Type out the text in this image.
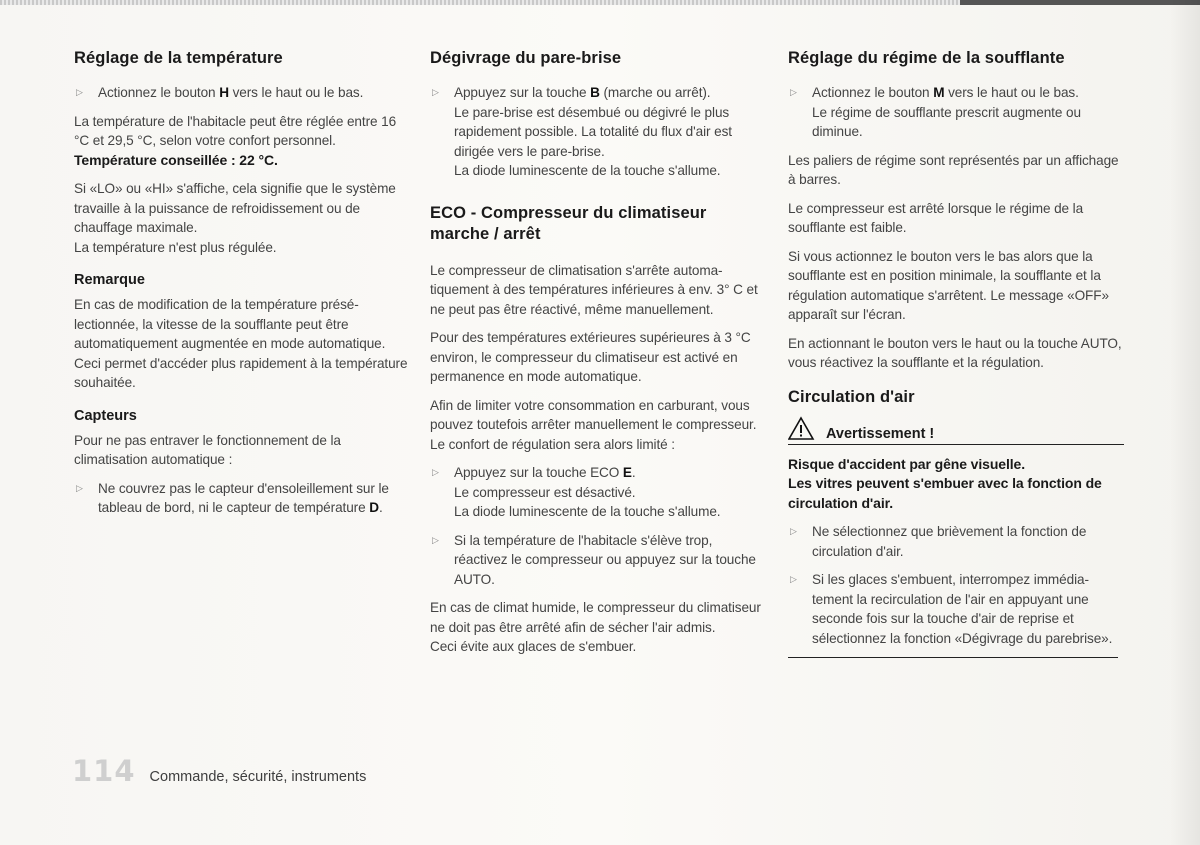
Réglage de la température
▷ Actionnez le bouton H vers le haut ou le bas.

La température de l'habitacle peut être réglée entre 16 °C et 29,5 °C, selon votre confort personnel.

Température conseillée : 22 °C.

Si «LO» ou «HI» s'affiche, cela signifie que le système travaille à la puissance de refroidissement ou de chauffage maximale.

La température n'est plus régulée.

Remarque

En cas de modification de la température présélectionnée, la vitesse de la soufflante peut être automatiquement augmentée en mode automatique.

Ceci permet d'accéder plus rapidement à la température souhaitée.

Capteurs

Pour ne pas entraver le fonctionnement de la climatisation automatique :

▷ Ne couvrez pas le capteur d'ensoleillement sur le tableau de bord, ni le capteur de température D.

Dégivrage du pare-brise
▷ Appuyez sur la touche B (marche ou arrêt).

Le pare-brise est désembué ou dégivré le plus rapidement possible. La totalité du flux d'air est dirigée vers le pare-brise.

La diode luminescente de la touche s'allume.

ECO - Compresseur du climatiseur
marche / arrêt

Le compresseur de climatisation s'arrête automatiquement à des températures inférieures à env. 3° C et ne peut pas être réactivé, même manuellement.

Pour des températures extérieures supérieures à 3 °C environ, le compresseur du climatiseur est activé en permanence en mode automatique.

Afin de limiter votre consommation en carburant, vous pouvez toutefois arrêter manuellement le compresseur. Le confort de régulation sera alors limité :

▷ Appuyez sur la touche ECO E.

Le compresseur est désactivé.

La diode luminescente de la touche s'allume.

▷ Si la température de l'habitacle s'élève trop, réactivez le compresseur ou appuyez sur la touche AUTO.

En cas de climat humide, le compresseur du climatiseur ne doit pas être arrêté afin de sécher l'air admis.

Ceci évite aux glaces de s'embuer.

Réglage du régime de la soufflante
▷ Actionnez le bouton M vers le haut ou le bas.

Le régime de soufflante prescrit augmente ou diminue.

Les paliers de régime sont représentés par un affichage à barres.

Le compresseur est arrêté lorsque le régime de la soufflante est faible.

Si vous actionnez le bouton vers le bas alors que la soufflante est en position minimale, la soufflante et la régulation automatique s'arrêtent. Le message «OFF» apparaît sur l'écran.

En actionnant le bouton vers le haut ou la touche AUTO, vous réactivez la soufflante et la régulation.

Circulation d'air
Avertissement !

Risque d'accident par gêne visuelle.

Les vitres peuvent s'embuer avec la fonction de circulation d'air.

▷ Ne sélectionnez que brièvement la fonction de circulation d'air.

▷ Si les glaces s'embuent, interrompez immédiatement la recirculation de l'air en appuyant une seconde fois sur la touche d'air de reprise et sélectionnez la fonction «Dégivrage du parebrise».

114 Commande, sécurité, instruments
